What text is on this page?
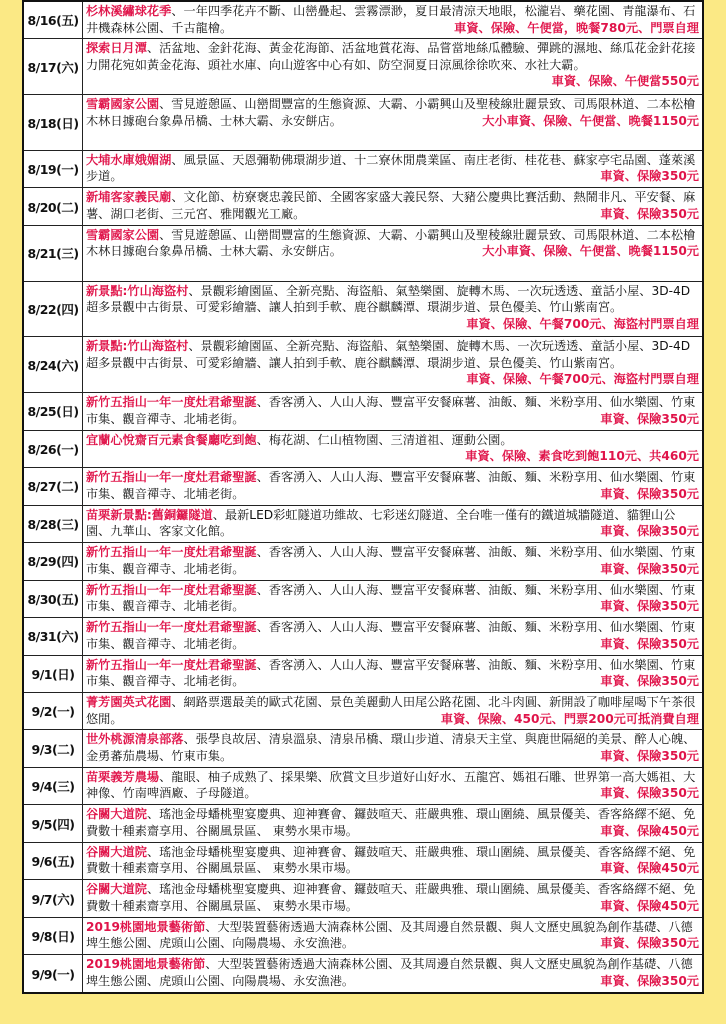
8/16(五)
杉林溪繡球花季、一年四季花卉不斷、山巒疊起、雲霧漂渺，夏日最清涼天地眼，松瀧岩、藥花園、青龍瀑布、石井機森林公園、千古龍檜。	車資、保險、午便當，晚餐780元、門票自理
8/17(六)
探索日月潭、活盆地、金針花海、黃金花海節、活盆地賞花海、品嘗當地絲瓜體驗、彈跳的濕地、絲瓜花金針花接力開花宛如黃金花海、頭社水庫、向山遊客中心有如、防空洞夏日涼風徐徐吹來、水社大霸。
車資、保險、午便當550元
8/18(日)
雪霸國家公園、雪見遊憩區、山巒間豐富的生態資源、大霸、小霸興山及聖稜線壯麗景致、司馬限林道、二本松檜木林日據砲台象鼻吊橋、士林大霸、永安餅店。	大小車資、保險、午便當、晚餐1150元
8/19(一)
大埔水庫娥媚湖、風景區、天恩彌勒佛環湖步道、十二寮休閒農業區、南庄老街、桂花巷、蘇家亭宅品園、蓬萊溪步道。	車資、保險350元
8/20(二)
新埔客家義民廟、文化節、枋寮褒忠義民節、全國客家盛大義民祭、大豬公慶典比賽活動、熱鬧非凡、平安餐、麻薯、湖口老街、三元宮、雅聞觀光工廠。	車資、保險350元
8/21(三)
雪霸國家公園、雪見遊憩區、山巒間豐富的生態資源、大霸、小霸興山及聖稜線壯麗景致、司馬限林道、二本松檜木林日據砲台象鼻吊橋、士林大霸、永安餅店。	大小車資、保險、午便當、晚餐1150元
8/22(四)
新景點:竹山海盜村、景觀彩繪園區、全新亮點、海盜船、氣墊樂園、旋轉木馬、一次玩透透、童話小屋、3D-4D超多景觀中古街景、可愛彩繪牆、讓人拍到手軟、鹿谷麒麟潭、環湖步道、景色優美、竹山紫南宮。
車資、保險、午餐700元、海盜村門票自理
8/24(六)
新景點:竹山海盜村、景觀彩繪園區、全新亮點、海盜船、氣墊樂園、旋轉木馬、一次玩透透、童話小屋、3D-4D超多景觀中古街景、可愛彩繪牆、讓人拍到手軟、鹿谷麒麟潭、環湖步道、景色優美、竹山紫南宮。
車資、保險、午餐700元、海盜村門票自理
8/25(日)
新竹五指山一年一度灶君爺聖誕、香客湧入、人山人海、豐富平安餐麻薯、油飯、麵、米粉享用、仙水樂園、竹東市集、觀音禪寺、北埔老街。	車資、保險350元
8/26(一)
宜蘭心悅齋百元素食餐廳吃到飽、梅花湖、仁山植物園、三清道祖、運動公園。
車資、保險、素食吃到飽110元、共460元
8/27(二)
新竹五指山一年一度灶君爺聖誕、香客湧入、人山人海、豐富平安餐麻薯、油飯、麵、米粉享用、仙水樂園、竹東市集、觀音禪寺、北埔老街。	車資、保險350元
8/28(三)
苗栗新景點:舊銅鑼隧道、最新LED彩虹隧道功維故、七彩迷幻隧道、全台唯一僅有的鐵道城牆隧道、貓貍山公園、九華山、客家文化館。	車資、保險350元
8/29(四)
新竹五指山一年一度灶君爺聖誕、香客湧入、人山人海、豐富平安餐麻薯、油飯、麵、米粉享用、仙水樂園、竹東市集、觀音禪寺、北埔老街。	車資、保險350元
8/30(五)
新竹五指山一年一度灶君爺聖誕、香客湧入、人山人海、豐富平安餐麻薯、油飯、麵、米粉享用、仙水樂園、竹東市集、觀音禪寺、北埔老街。	車資、保險350元
8/31(六)
新竹五指山一年一度灶君爺聖誕、香客湧入、人山人海、豐富平安餐麻薯、油飯、麵、米粉享用、仙水樂園、竹東市集、觀音禪寺、北埔老街。	車資、保險350元
9/1(日)
新竹五指山一年一度灶君爺聖誕、香客湧入、人山人海、豐富平安餐麻薯、油飯、麵、米粉享用、仙水樂園、竹東市集、觀音禪寺、北埔老街。	車資、保險350元
9/2(一)
菁芳園英式花園、網路票選最美的歐式花園、景色美麗動人田尾公路花園、北斗肉圓、新開設了咖啡屋喝下午茶很悠閒。	車資、保險、450元、門票200元可抵消費自理
9/3(二)
世外桃源清泉部落、張學良故居、清泉溫泉、清泉吊橋、環山步道、清泉天主堂、與鹿世隔絕的美景、醉人心魄、金勇蕃茄農場、竹東市集。	車資、保險350元
9/4(三)
苗栗義芳農場、龍眼、柚子成熟了、採果樂、欣賞文旦步道好山好水、五龍宮、媽祖石雕、世界第一高大媽祖、大神像、竹南啤酒廠、子母隧道。	車資、保險350元
9/5(四)
谷關大道院、瑤池金母蟠桃聖宴慶典、迎神賽會、鑼鼓喧天、莊嚴典雅、環山圍繞、風景優美、香客絡繹不絕、免費數十種素齋享用、谷關風景區、 東勢水果市場。	車資、保險450元
9/6(五)
谷關大道院、瑤池金母蟠桃聖宴慶典、迎神賽會、鑼鼓喧天、莊嚴典雅、環山圍繞、風景優美、香客絡繹不絕、免費數十種素齋享用、谷關風景區、 東勢水果市場。	車資、保險450元
9/7(六)
谷關大道院、瑤池金母蟠桃聖宴慶典、迎神賽會、鑼鼓喧天、莊嚴典雅、環山圍繞、風景優美、香客絡繹不絕、免費數十種素齋享用、谷關風景區、 東勢水果市場。	車資、保險450元
9/8(日)
2019桃園地景藝術節、大型裝置藝術透過大湳森林公園、及其周邊自然景觀、與人文歷史風貌為創作基礎、八德埤生態公園、虎頭山公園、向陽農場、永安漁港。	車資、保險350元
9/9(一)
2019桃園地景藝術節、大型裝置藝術透過大湳森林公園、及其周邊自然景觀、與人文歷史風貌為創作基礎、八德埤生態公園、虎頭山公園、向陽農場、永安漁港。	車資、保險350元
